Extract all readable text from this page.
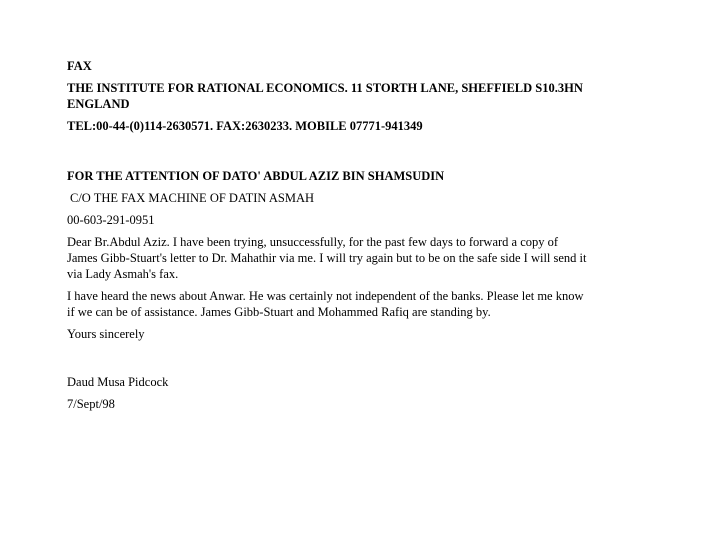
FAX

THE INSTITUTE FOR RATIONAL ECONOMICS. 11 STORTH LANE, SHEFFIELD S10.3HN

ENGLAND

TEL:00-44-(0)114-2630571. FAX:2630233. MOBILE 07771-941349

FOR THE ATTENTION OF DATO' ABDUL AZIZ BIN SHAMSUDIN

C/O THE FAX MACHINE OF DATIN ASMAH

00-603-291-0951

Dear Br.Abdul Aziz. I have been trying, unsuccessfully, for the past few days to forward a copy of

James Gibb-Stuart's letter to Dr. Mahathir via me. I will try again but to be on the safe side I will send it

via Lady Asmah's fax.

I have heard the news about Anwar. He was certainly not independent of the banks. Please let me know

if we can be of assistance. James Gibb-Stuart and Mohammed Rafiq are standing by.

Yours sincerely

Daud Musa Pidcock

7/Sept/98
